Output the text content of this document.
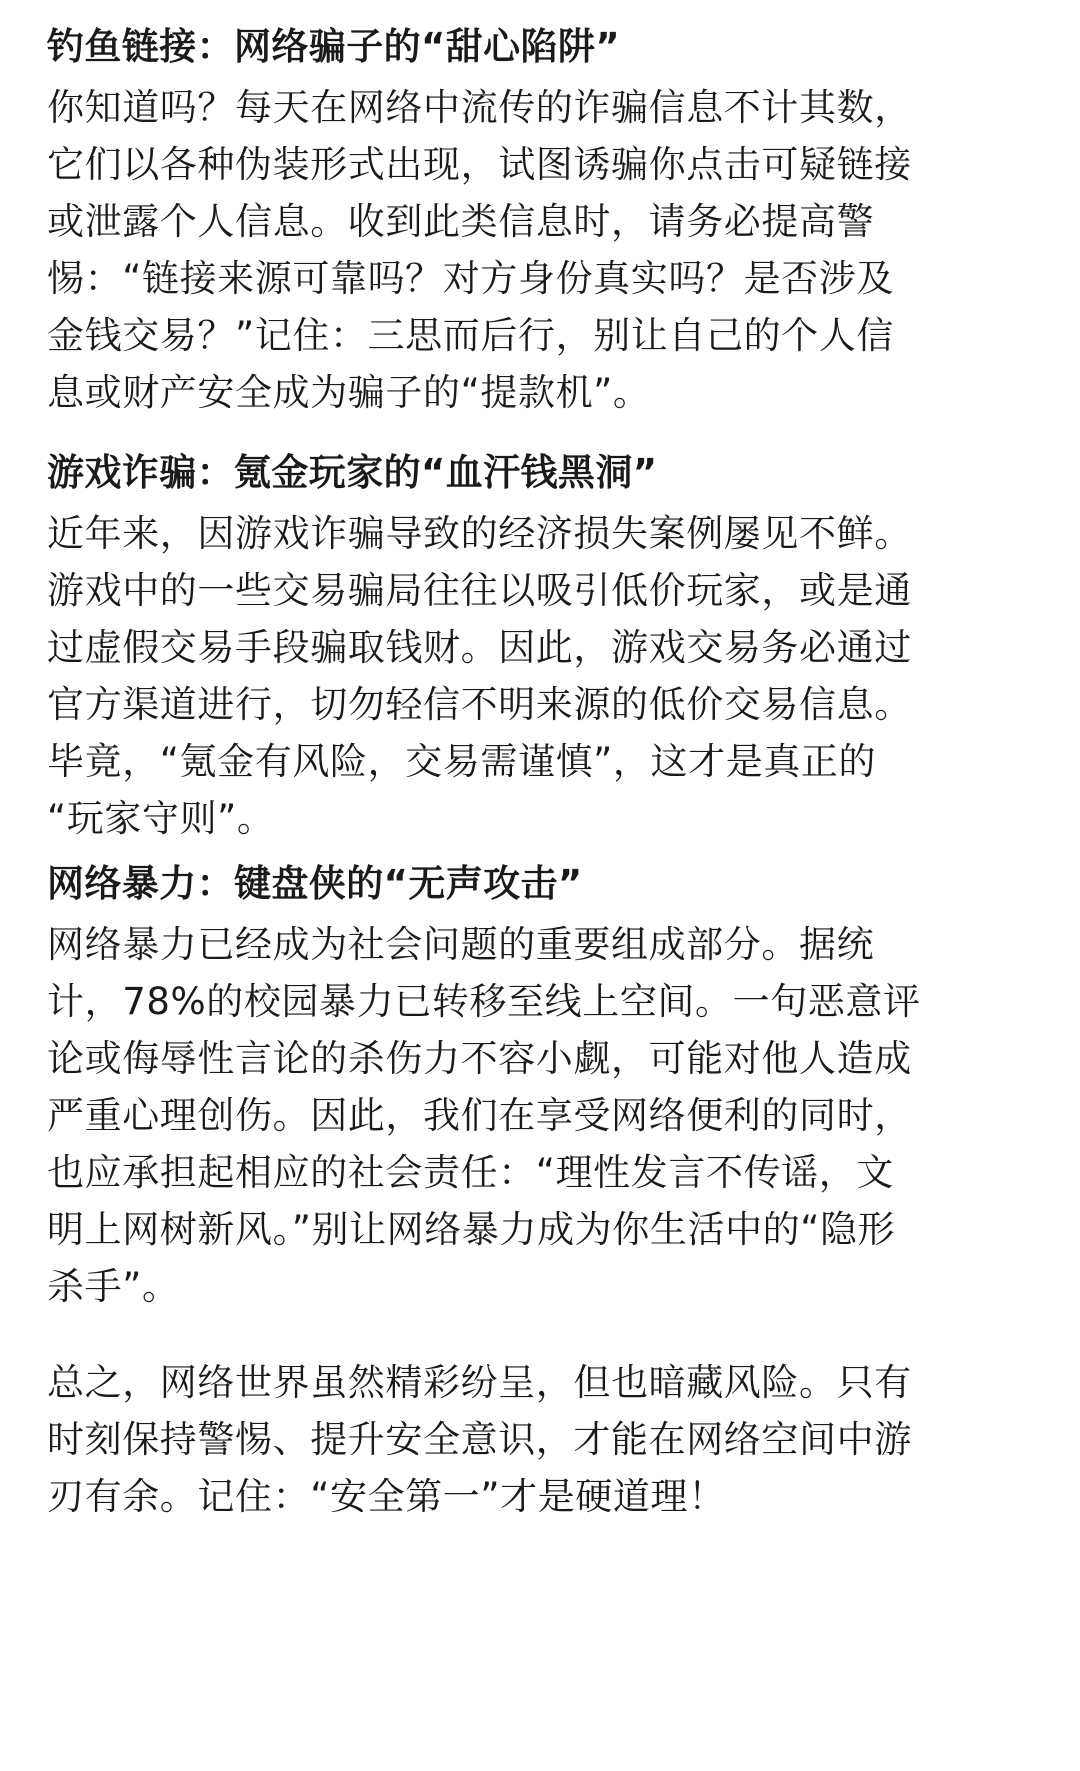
钓鱼链接：网络骗子的“甜心陷阱”
你知道吗？每天在网络中流传的诈骗信息不计其数，
它们以各种伪装形式出现，试图诱骗你点击可疑链接
或泄露个人信息。收到此类信息时，请务必提高警
惕：“链接来源可靠吗？对方身份真实吗？是否涉及
金钱交易？”记住：三思而后行，别让自己的个人信
息或财产安全成为骗子的“提款机”。
游戏诈骗：氪金玩家的“血汗钱黑洞”
近年来，因游戏诈骗导致的经济损失案例屡见不鲜。
游戏中的一些交易骗局往往以吸引低价玩家，或是通
过虚假交易手段骗取钱财。因此，游戏交易务必通过
官方渠道进行，切勿轻信不明来源的低价交易信息。
毕竟，“氪金有风险，交易需谨慎”，这才是真正的
“玩家守则”。
网络暴力：键盘侠的“无声攻击”
网络暴力已经成为社会问题的重要组成部分。据统
计，78%的校园暴力已转移至线上空间。一句恶意评
论或侮辱性言论的杀伤力不容小觑，可能对他人造成
严重心理创伤。因此，我们在享受网络便利的同时，
也应承担起相应的社会责任：“理性发言不传谣，文
明上网树新风。”别让网络暴力成为你生活中的“隐形
杀手”。
总之，网络世界虽然精彩纷呈，但也暗藏风险。只有
时刻保持警惕、提升安全意识，才能在网络空间中游
刃有余。记住：“安全第一”才是硬道理！
